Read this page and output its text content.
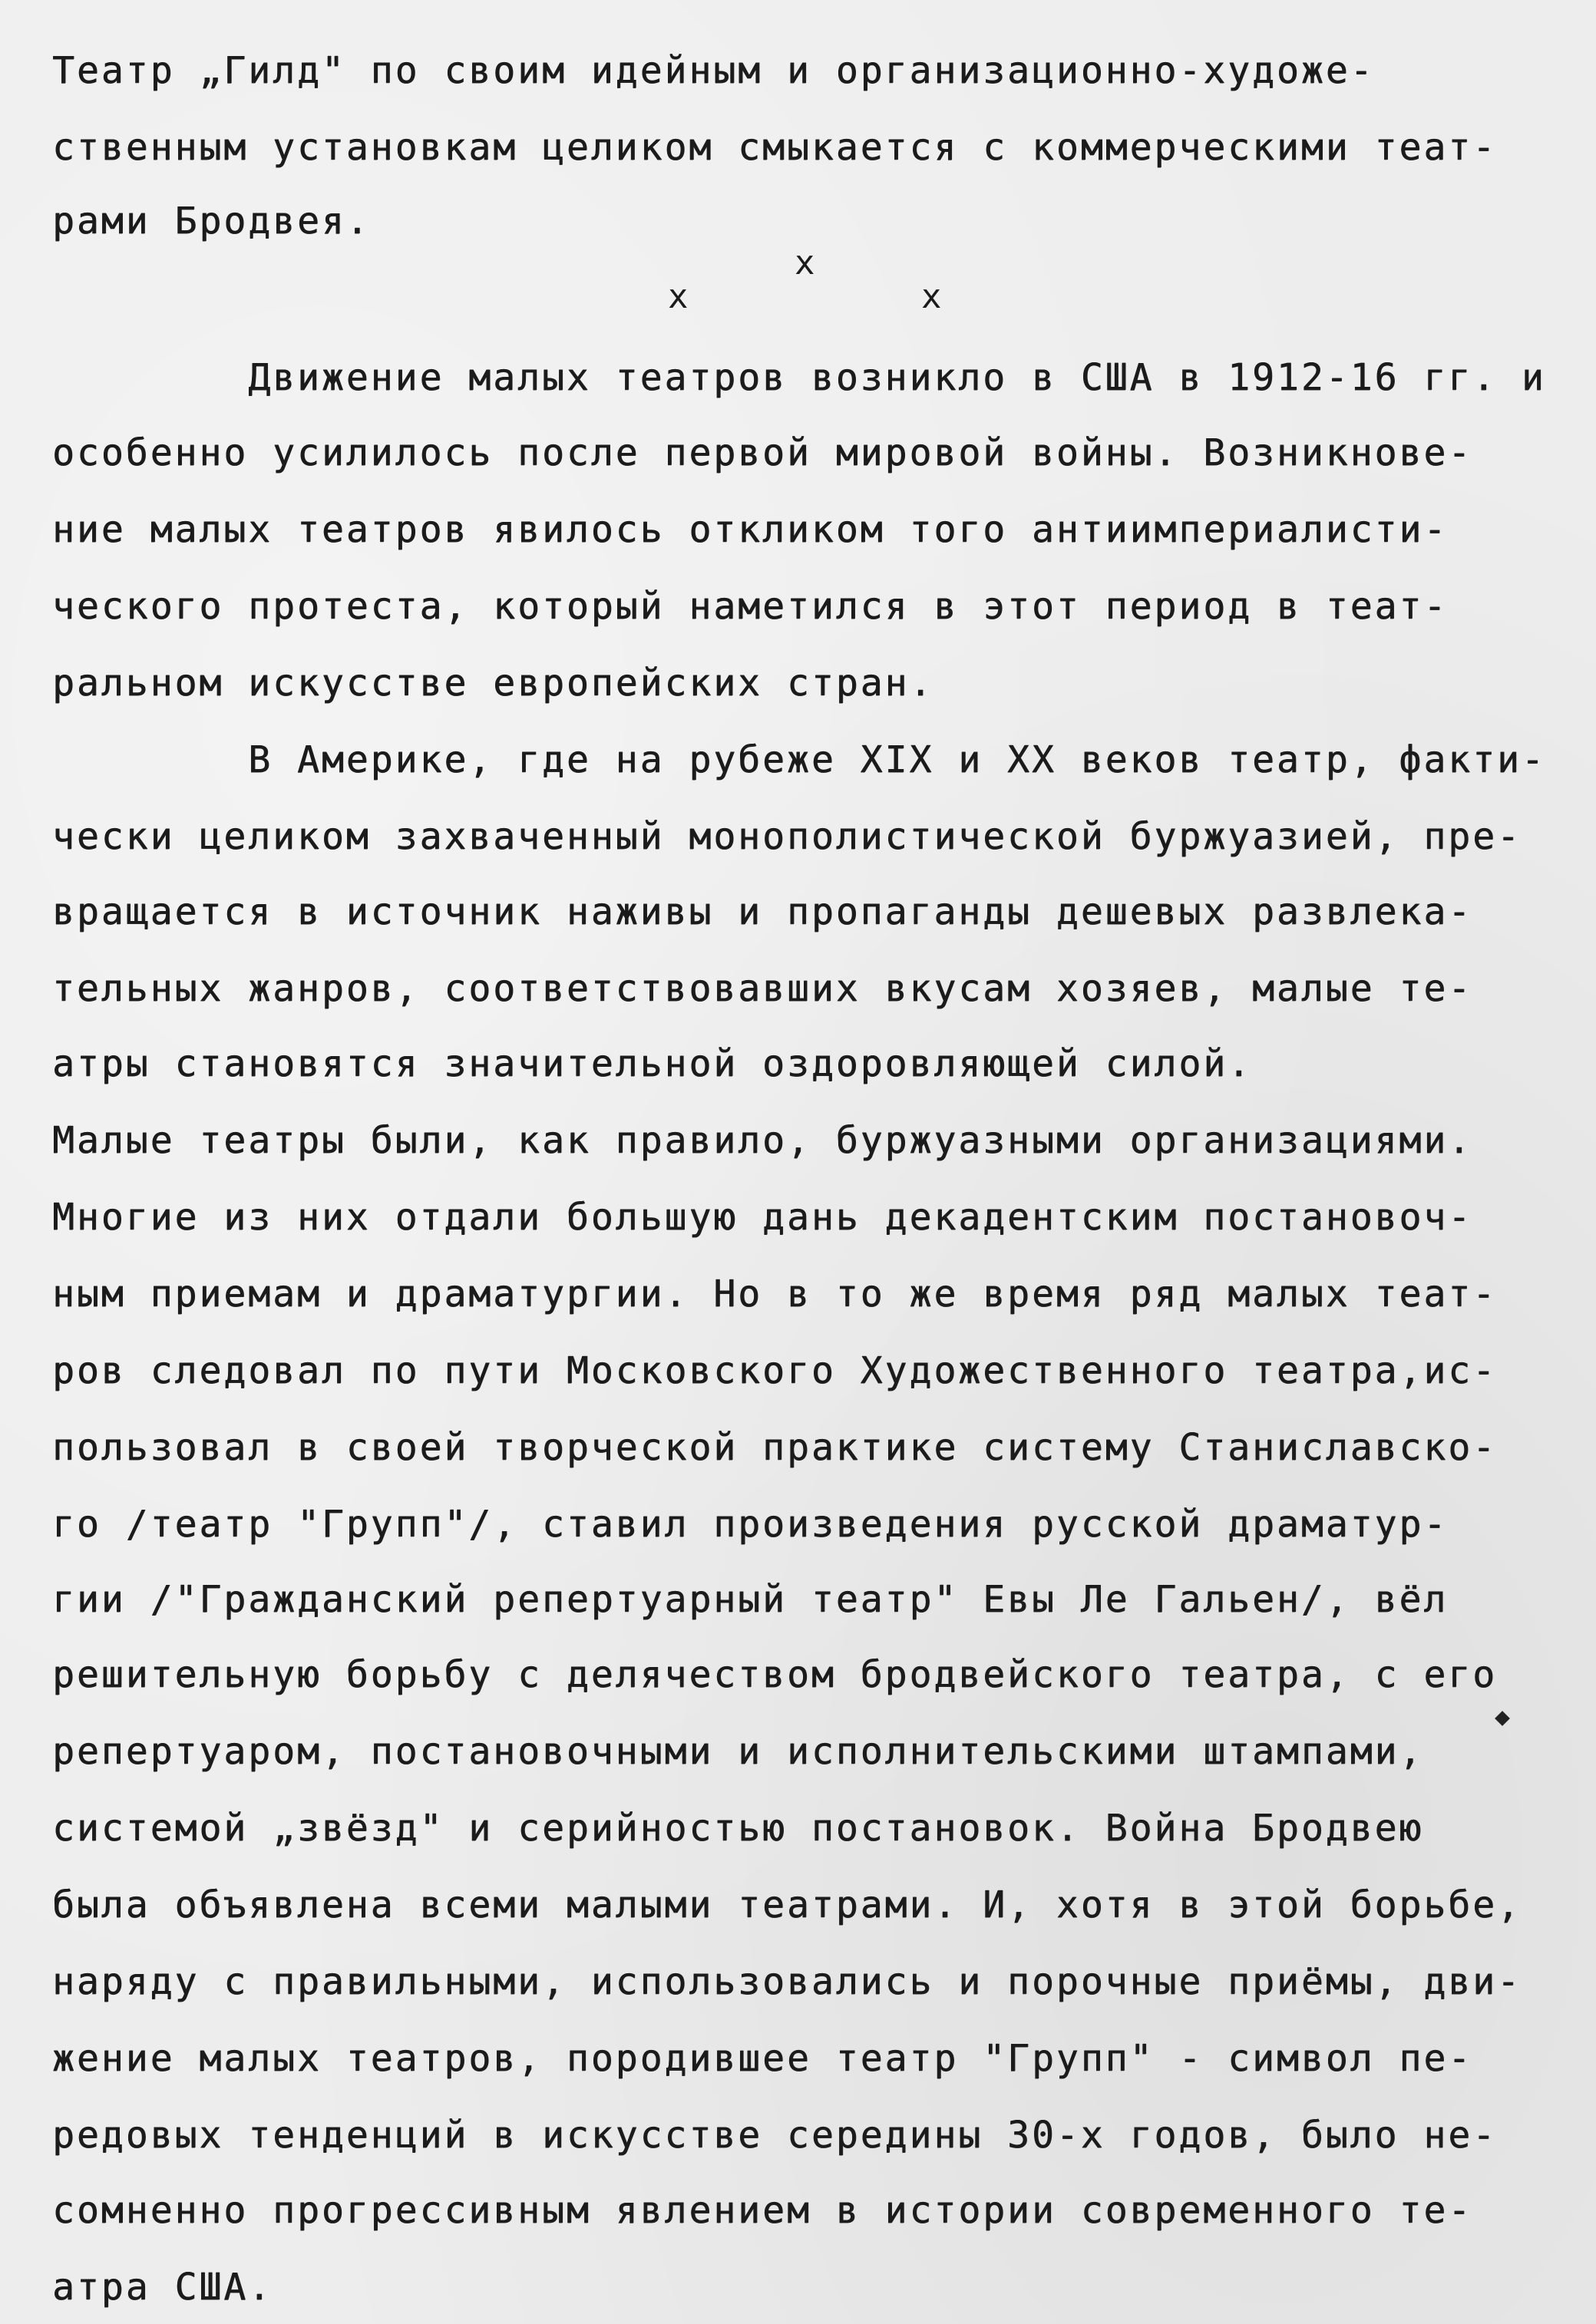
Театр „Гилд" по своим идейным и организационно-художе-

ственным установкам целиком смыкается с коммерческими теат-

рами Бродвея.

х

х	х

Движение малых театров возникло в США в 1912-16 гг. и

особенно усилилось после первой мировой войны. Возникнове-

ние малых театров явилось откликом того антиимпериалисти-

ческого протеста, который наметился в этот период в теат-

ральном искусстве европейских стран.

В Америке, где на рубеже XIX и XX веков театр, факти-

чески целиком захваченный монополистической буржуазией, пре-

вращается в источник наживы и пропаганды дешевых развлека-

тельных жанров, соответствовавших вкусам хозяев, малые те-

атры становятся значительной оздоровляющей силой.

Малые театры были, как правило, буржуазными организациями.

Многие из них отдали большую дань декадентским постановоч-

ным приемам и драматургии. Но в то же время ряд малых теат-

ров следовал по пути Московского Художественного театра,ис-

пользовал в своей творческой практике систему Станиславско-

го /театр "Групп"/, ставил произведения русской драматур-

гии /"Гражданский репертуарный театр" Евы Ле Гальен/, вёл

решительную борьбу с делячеством бродвейского театра, с его

репертуаром, постановочными и исполнительскими штампами,

системой „звёзд" и серийностью постановок. Война Бродвею

была объявлена всеми малыми театрами. И, хотя в этой борьбе,

наряду с правильными, использовались и порочные приёмы, дви-

жение малых театров, породившее театр "Групп" - символ пе-

редовых тенденций в искусстве середины 30-х годов, было не-

сомненно прогрессивным явлением в истории современного те-

атра США.
